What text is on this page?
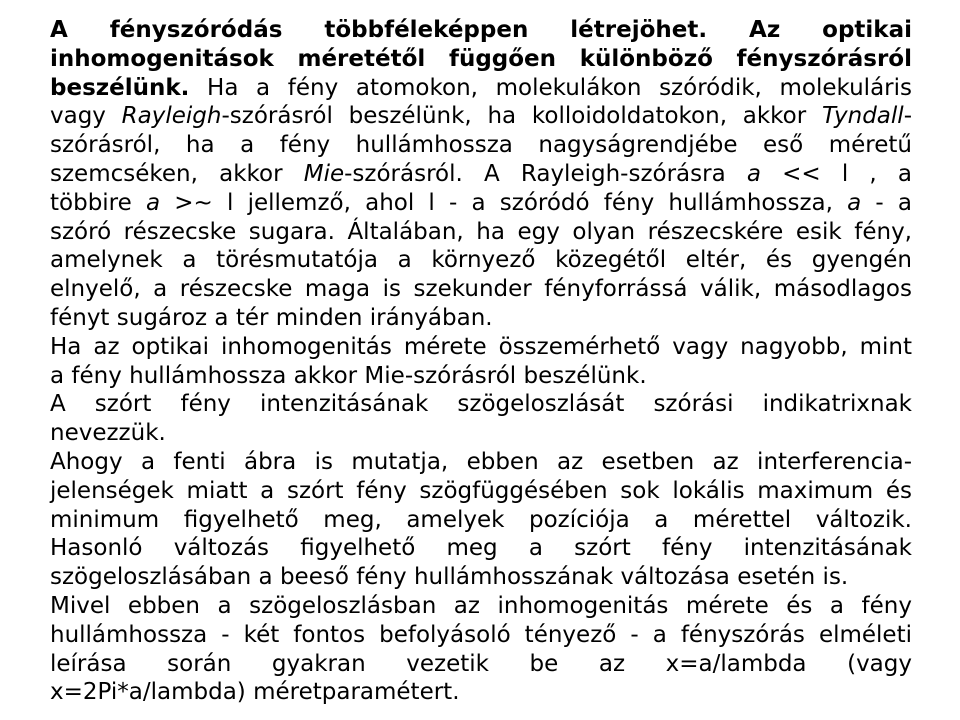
A fényszóródás többféleképpen létrejöhet. Az optikai
inhomogenitások méretétől függően különböző fényszórásról
beszélünk. Ha a fény atomokon, molekulákon szóródik, molekuláris
vagy Rayleigh-szórásról beszélünk, ha kolloidoldatokon, akkor Tyndall-
szórásról, ha a fény hullámhossza nagyságrendjébe eső méretű
szemcséken, akkor Mie-szórásról. A Rayleigh-szórásra a << l , a
többire a >~ l jellemző, ahol l - a szóródó fény hullámhossza, a - a
szóró részecske sugara. Általában, ha egy olyan részecskére esik fény,
amelynek a törésmutatója a környező közegétől eltér, és gyengén
elnyelő, a részecske maga is szekunder fényforrássá válik, másodlagos
fényt sugároz a tér minden irányában.
Ha az optikai inhomogenitás mérete összemérhető vagy nagyobb, mint
a fény hullámhossza akkor Mie-szórásról beszélünk.
A szórt fény intenzitásának szögeloszlását szórási indikatrixnak
nevezzük.
Ahogy a fenti ábra is mutatja, ebben az esetben az interferencia-
jelenségek miatt a szórt fény szögfüggésében sok lokális maximum és
minimum figyelhető meg, amelyek pozíciója a mérettel változik.
Hasonló változás figyelhető meg a szórt fény intenzitásának
szögeloszlásában a beeső fény hullámhosszának változása esetén is.
Mivel ebben a szögeloszlásban az inhomogenitás mérete és a fény
hullámhossza - két fontos befolyásoló tényező - a fényszórás elméleti
leírása során gyakran vezetik be az x=a/lambda (vagy
x=2Pi*a/lambda) méretparamétert.
